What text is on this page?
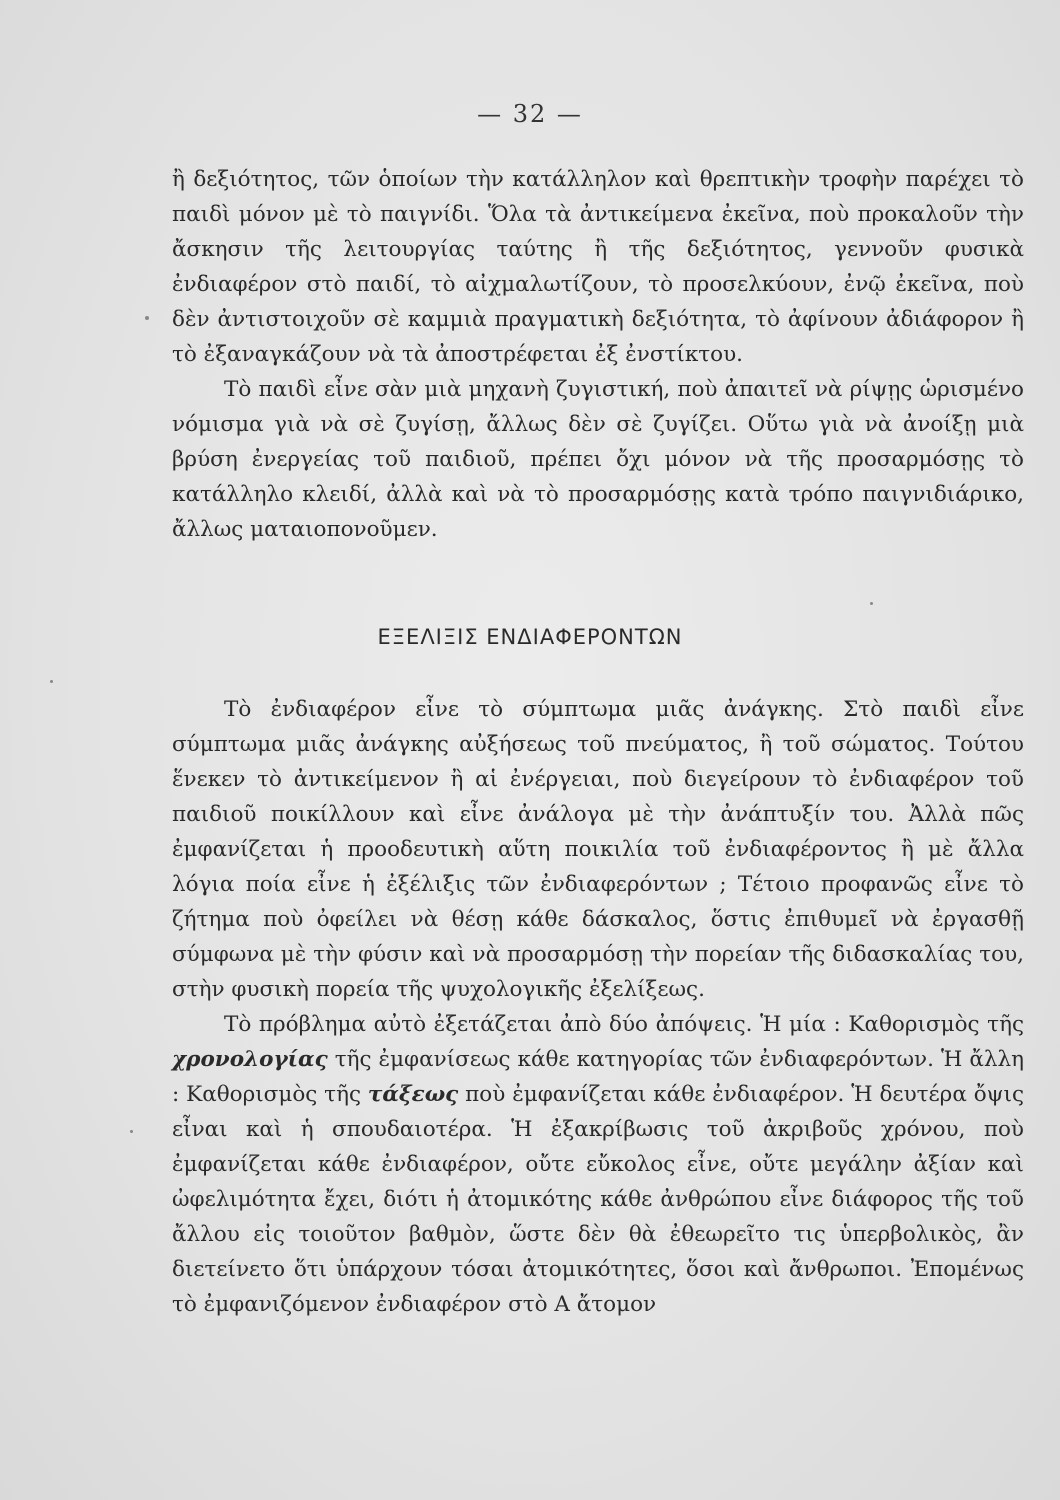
— 32 —

ἢ δεξιότητος, τῶν ὁποίων τὴν κατάλληλον καὶ θρεπτικὴν τροφὴν παρέχει τὸ παιδὶ μόνον μὲ τὸ παιγνίδι. Ὅλα τὰ ἀντικείμενα ἐκεῖνα, ποὺ προκαλοῦν τὴν ἄσκησιν τῆς λειτουργίας ταύτης ἢ τῆς δεξιότητος, γεννοῦν φυσικὰ ἐνδιαφέρον στὸ παιδί, τὸ αἰχμαλωτίζουν, τὸ προσελκύουν, ἐνῷ ἐκεῖνα, ποὺ δὲν ἀντιστοιχοῦν σὲ καμμιὰ πραγματικὴ δεξιότητα, τὸ ἀφίνουν ἀδιάφορον ἢ τὸ ἐξαναγκάζουν νὰ τὰ ἀποστρέφεται ἐξ ἐνστίκτου.

Τὸ παιδὶ εἶνε σὰν μιὰ μηχανὴ ζυγιστική, ποὺ ἀπαιτεῖ νὰ ρίψῃς ὡρισμένο νόμισμα γιὰ νὰ σὲ ζυγίσῃ, ἄλλως δὲν σὲ ζυγίζει. Οὕτω γιὰ νὰ ἀνοίξῃ μιὰ βρύση ἐνεργείας τοῦ παιδιοῦ, πρέπει ὄχι μόνον νὰ τῆς προσαρμόσῃς τὸ κατάλληλο κλειδί, ἀλλὰ καὶ νὰ τὸ προσαρμόσῃς κατὰ τρόπο παιγνιδιάρικο, ἄλλως ματαιοπονοῦμεν.

ΕΞΕΛΙΞΙΣ ΕΝΔΙΑΦΕΡΟΝΤΩΝ

Τὸ ἐνδιαφέρον εἶνε τὸ σύμπτωμα μιᾶς ἀνάγκης. Στὸ παιδὶ εἶνε σύμπτωμα μιᾶς ἀνάγκης αὐξήσεως τοῦ πνεύματος, ἢ τοῦ σώματος. Τούτου ἕνεκεν τὸ ἀντικείμενον ἢ αἱ ἐνέργειαι, ποὺ διεγείρουν τὸ ἐνδιαφέρον τοῦ παιδιοῦ ποικίλλουν καὶ εἶνε ἀνάλογα μὲ τὴν ἀνάπτυξίν του. Ἀλλὰ πῶς ἐμφανίζεται ἡ προοδευτικὴ αὕτη ποικιλία τοῦ ἐνδιαφέροντος ἢ μὲ ἄλλα λόγια ποία εἶνε ἡ ἐξέλιξις τῶν ἐνδιαφερόντων ; Τέτοιο προφανῶς εἶνε τὸ ζήτημα ποὺ ὀφείλει νὰ θέσῃ κάθε δάσκαλος, ὅστις ἐπιθυμεῖ νὰ ἐργασθῇ σύμφωνα μὲ τὴν φύσιν καὶ νὰ προσαρμόσῃ τὴν πορείαν τῆς διδασκαλίας του, στὴν φυσικὴ πορεία τῆς ψυχολογικῆς ἐξελίξεως.

Τὸ πρόβλημα αὐτὸ ἐξετάζεται ἀπὸ δύο ἀπόψεις. Ἡ μία : Καθορισμὸς τῆς χρονολογίας τῆς ἐμφανίσεως κάθε κατηγορίας τῶν ἐνδιαφερόντων. Ἡ ἄλλη : Καθορισμὸς τῆς τάξεως ποὺ ἐμφανίζεται κάθε ἐνδιαφέρον. Ἡ δευτέρα ὄψις εἶναι καὶ ἡ σπουδαιοτέρα. Ἡ ἐξακρίβωσις τοῦ ἀκριβοῦς χρόνου, ποὺ ἐμφανίζεται κάθε ἐνδιαφέρον, οὔτε εὔκολος εἶνε, οὔτε μεγάλην ἀξίαν καὶ ὠφελιμότητα ἔχει, διότι ἡ ἀτομικότης κάθε ἀνθρώπου εἶνε διάφορος τῆς τοῦ ἄλλου εἰς τοιοῦτον βαθμὸν, ὥστε δὲν θὰ ἐθεωρεῖτο τις ὑπερβολικὸς, ἂν διετείνετο ὅτι ὑπάρχουν τόσαι ἀτομικότητες, ὅσοι καὶ ἄνθρωποι. Ἐπομένως τὸ ἐμφανιζόμενον ἐνδιαφέρον στὸ Α ἄτομον
